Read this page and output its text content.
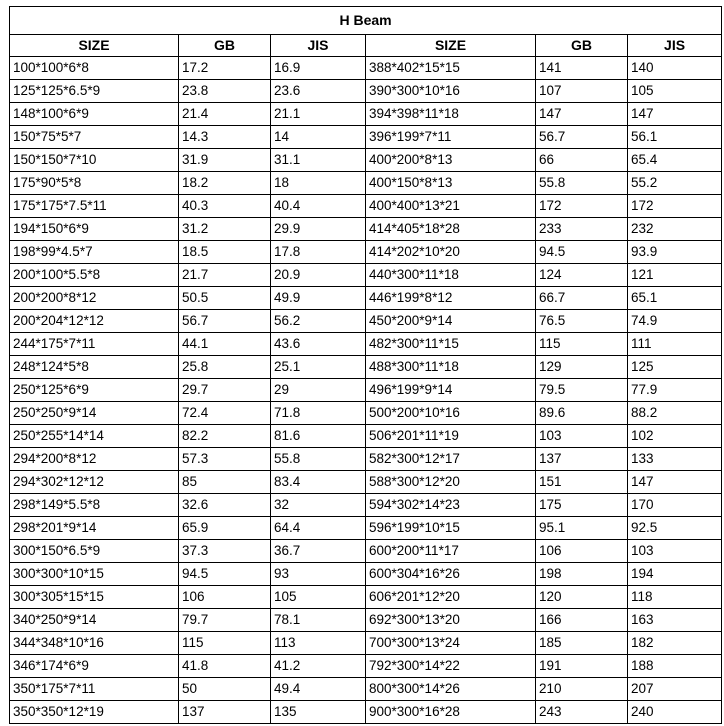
H Beam					
SIZE	GB	JIS	SIZE	GB	JIS
100*100*6*8	17.2	16.9	388*402*15*15	141	140
125*125*6.5*9	23.8	23.6	390*300*10*16	107	105
148*100*6*9	21.4	21.1	394*398*11*18	147	147
150*75*5*7	14.3	14	396*199*7*11	56.7	56.1
150*150*7*10	31.9	31.1	400*200*8*13	66	65.4
175*90*5*8	18.2	18	400*150*8*13	55.8	55.2
175*175*7.5*11	40.3	40.4	400*400*13*21	172	172
194*150*6*9	31.2	29.9	414*405*18*28	233	232
198*99*4.5*7	18.5	17.8	414*202*10*20	94.5	93.9
200*100*5.5*8	21.7	20.9	440*300*11*18	124	121
200*200*8*12	50.5	49.9	446*199*8*12	66.7	65.1
200*204*12*12	56.7	56.2	450*200*9*14	76.5	74.9
244*175*7*11	44.1	43.6	482*300*11*15	115	111
248*124*5*8	25.8	25.1	488*300*11*18	129	125
250*125*6*9	29.7	29	496*199*9*14	79.5	77.9
250*250*9*14	72.4	71.8	500*200*10*16	89.6	88.2
250*255*14*14	82.2	81.6	506*201*11*19	103	102
294*200*8*12	57.3	55.8	582*300*12*17	137	133
294*302*12*12	85	83.4	588*300*12*20	151	147
298*149*5.5*8	32.6	32	594*302*14*23	175	170
298*201*9*14	65.9	64.4	596*199*10*15	95.1	92.5
300*150*6.5*9	37.3	36.7	600*200*11*17	106	103
300*300*10*15	94.5	93	600*304*16*26	198	194
300*305*15*15	106	105	606*201*12*20	120	118
340*250*9*14	79.7	78.1	692*300*13*20	166	163
344*348*10*16	115	113	700*300*13*24	185	182
346*174*6*9	41.8	41.2	792*300*14*22	191	188
350*175*7*11	50	49.4	800*300*14*26	210	207
350*350*12*19	137	135	900*300*16*28	243	240
